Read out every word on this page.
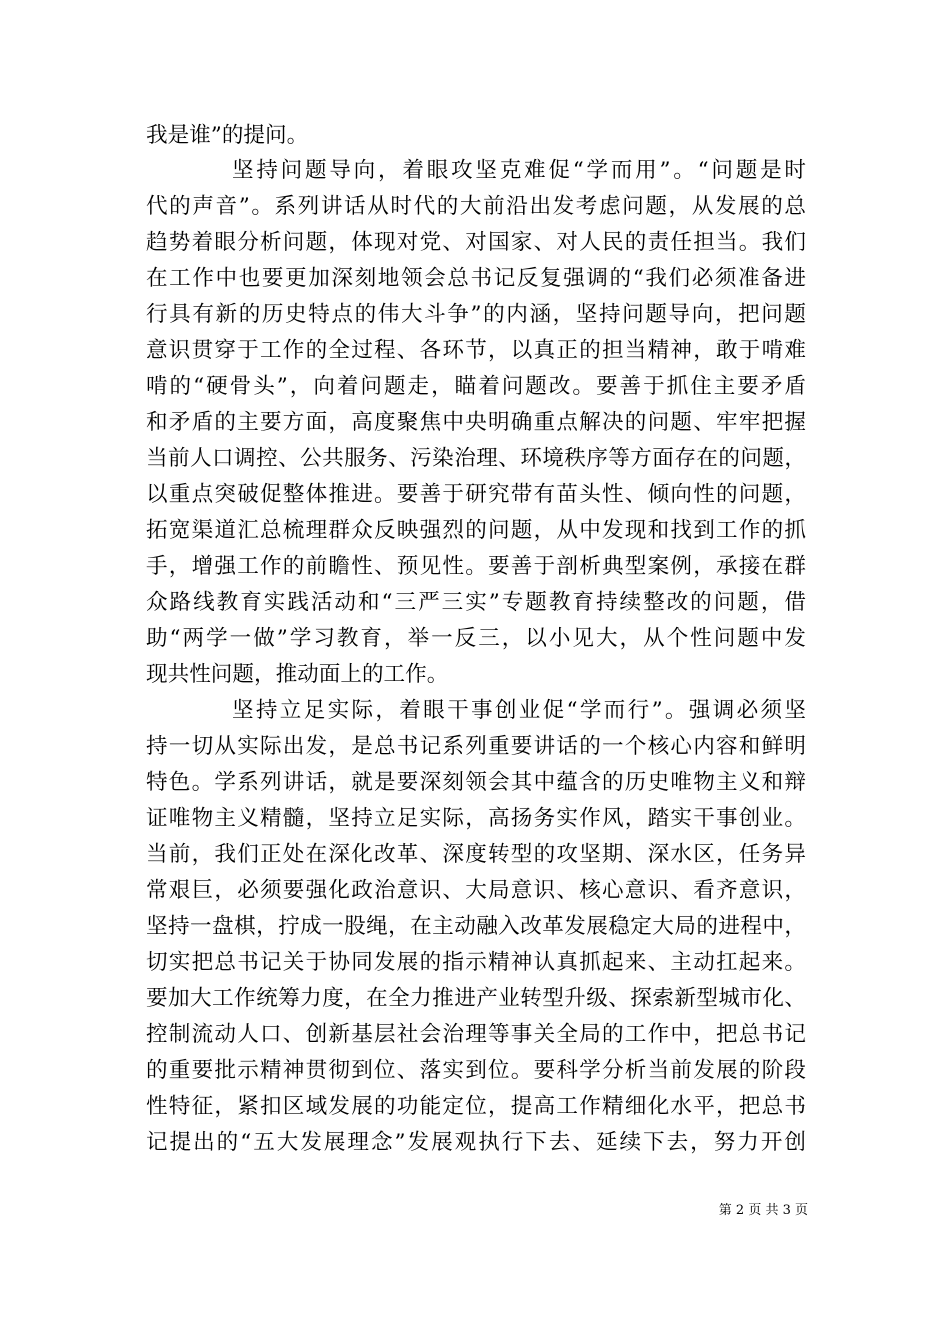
我是谁”的提问。
坚持问题导向，着眼攻坚克难促“学而用”。“问题是时
代的声音”。系列讲话从时代的大前沿出发考虑问题，从发展的总
趋势着眼分析问题，体现对党、对国家、对人民的责任担当。我们
在工作中也要更加深刻地领会总书记反复强调的“我们必须准备进
行具有新的历史特点的伟大斗争”的内涵，坚持问题导向，把问题
意识贯穿于工作的全过程、各环节，以真正的担当精神，敢于啃难
啃的“硬骨头”，向着问题走，瞄着问题改。要善于抓住主要矛盾
和矛盾的主要方面，高度聚焦中央明确重点解决的问题、牢牢把握
当前人口调控、公共服务、污染治理、环境秩序等方面存在的问题，
以重点突破促整体推进。要善于研究带有苗头性、倾向性的问题，
拓宽渠道汇总梳理群众反映强烈的问题，从中发现和找到工作的抓
手，增强工作的前瞻性、预见性。要善于剖析典型案例，承接在群
众路线教育实践活动和“三严三实”专题教育持续整改的问题，借
助“两学一做”学习教育，举一反三，以小见大，从个性问题中发
现共性问题，推动面上的工作。
坚持立足实际，着眼干事创业促“学而行”。强调必须坚
持一切从实际出发，是总书记系列重要讲话的一个核心内容和鲜明
特色。学系列讲话，就是要深刻领会其中蕴含的历史唯物主义和辩
证唯物主义精髓，坚持立足实际，高扬务实作风，踏实干事创业。
当前，我们正处在深化改革、深度转型的攻坚期、深水区，任务异
常艰巨，必须要强化政治意识、大局意识、核心意识、看齐意识，
坚持一盘棋，拧成一股绳，在主动融入改革发展稳定大局的进程中，
切实把总书记关于协同发展的指示精神认真抓起来、主动扛起来。
要加大工作统筹力度，在全力推进产业转型升级、探索新型城市化、
控制流动人口、创新基层社会治理等事关全局的工作中，把总书记
的重要批示精神贯彻到位、落实到位。要科学分析当前发展的阶段
性特征，紧扣区域发展的功能定位，提高工作精细化水平，把总书
记提出的“五大发展理念”发展观执行下去、延续下去，努力开创
第 2 页 共 3 页
